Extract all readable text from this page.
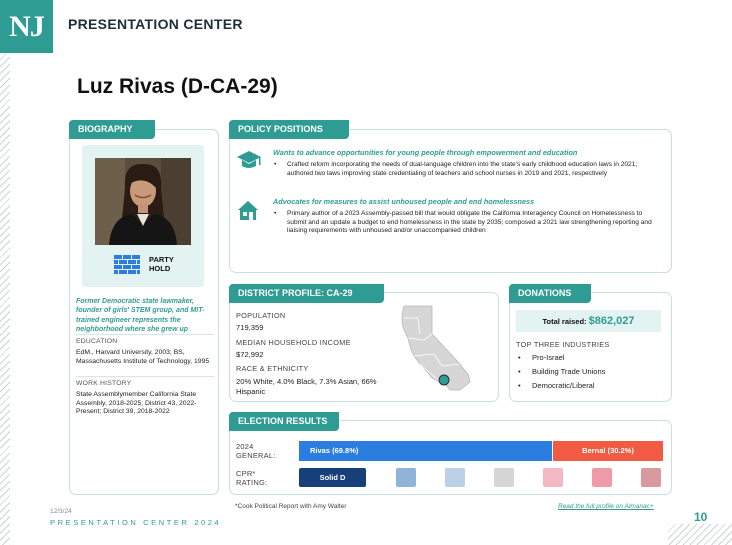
NJ	PRESENTATION CENTER
Luz Rivas (D-CA-29)
BIOGRAPHY
PARTY HOLD
Former Democratic state lawmaker, founder of girls' STEM group, and MIT-trained engineer represents the neighborhood where she grew up
EDUCATION
EdM., Harvard University, 2003; BS, Massachusetts Institute of Technology, 1995
WORK HISTORY
State Assemblymember California State Assembly, 2018-2025; District 43, 2022-Present; District 39, 2018-2022
POLICY POSITIONS
Wants to advance opportunities for young people through empowerment and education
• Crafted reform incorporating the needs of dual-language children into the state's early childhood education laws in 2021; authored two laws improving state credentialing of teachers and school nurses in 2019 and 2021, respectively
Advocates for measures to assist unhoused people and end homelessness
• Primary author of a 2023 Assembly-passed bill that would obligate the California Interagency Council on Homelessness to submit and an update a budget to end homelessness in the state by 2035; composed a 2021 law strengthening reporting and liaising requirements with unhoused and/or unaccompanied children
DISTRICT PROFILE: CA-29
POPULATION
719,359
MEDIAN HOUSEHOLD INCOME
$72,992
RACE & ETHNICITY
20% White, 4.0% Black, 7.3% Asian, 66% Hispanic
DONATIONS
Total raised: $862,027
TOP THREE INDUSTRIES
• Pro-Israel
• Building Trade Unions
• Democratic/Liberal
ELECTION RESULTS
2024 GENERAL:
Rivas (69.8%)	Bernal (30.2%)
CPR* RATING:
Solid D
*Cook Political Report with Amy Walter	Read the full profile on Almanac+
12/3/24
PRESENTATION CENTER 2024	10
